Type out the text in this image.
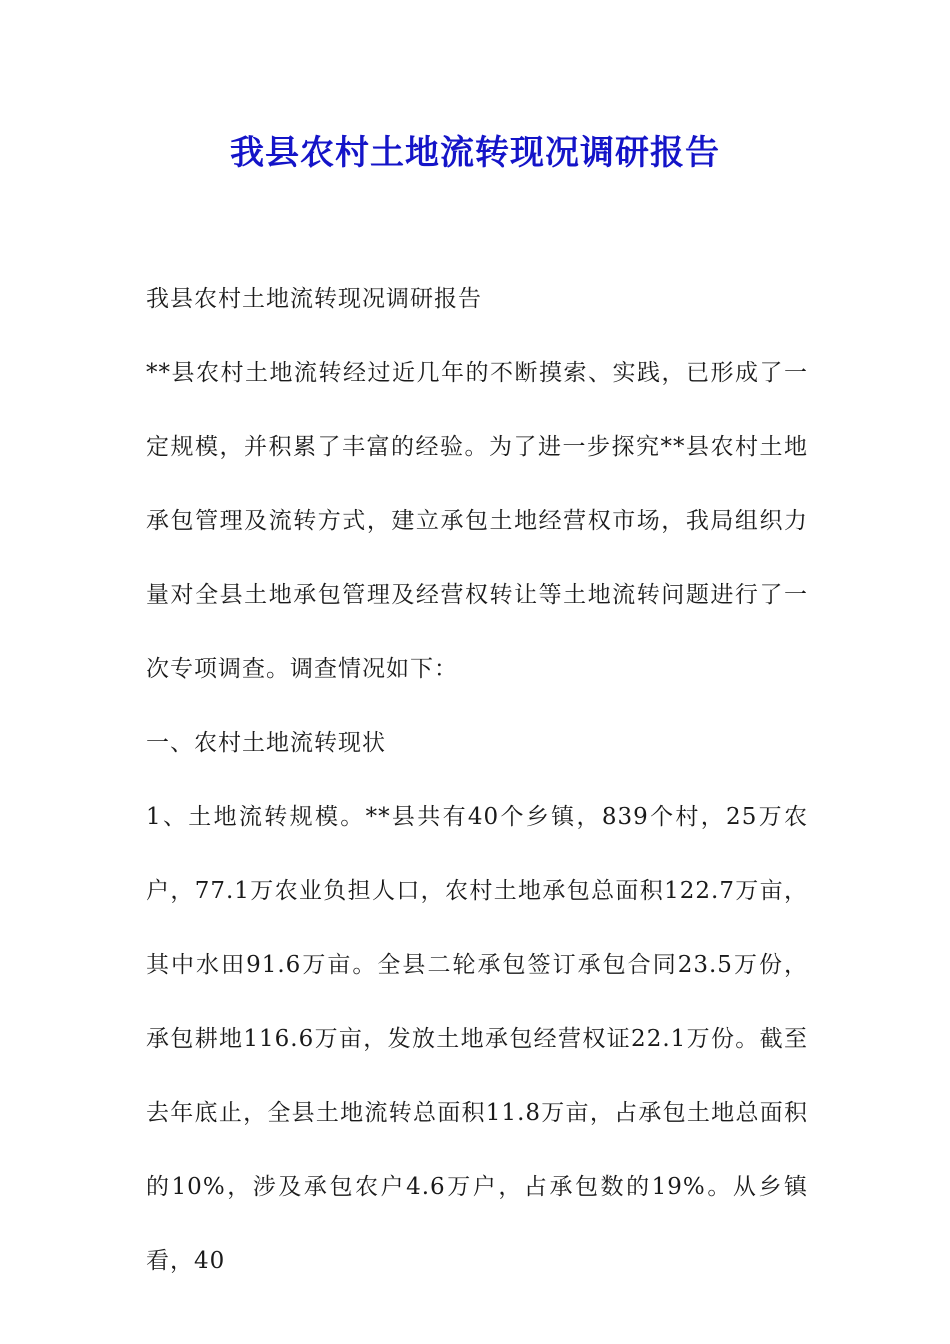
我县农村土地流转现况调研报告

我县农村土地流转现况调研报告

**县农村土地流转经过近几年的不断摸索、实践，已形成了一定规模，并积累了丰富的经验。为了进一步探究**县农村土地承包管理及流转方式，建立承包土地经营权市场，我局组织力量对全县土地承包管理及经营权转让等土地流转问题进行了一次专项调查。调查情况如下：

一、农村土地流转现状

1、土地流转规模。**县共有40个乡镇，839个村，25万农户，77.1万农业负担人口，农村土地承包总面积122.7万亩，其中水田91.6万亩。全县二轮承包签订承包合同23.5万份，承包耕地116.6万亩，发放土地承包经营权证22.1万份。截至去年底止，全县土地流转总面积11.8万亩，占承包土地总面积的10%，涉及承包农户4.6万户，占承包数的19%。从乡镇看，40
